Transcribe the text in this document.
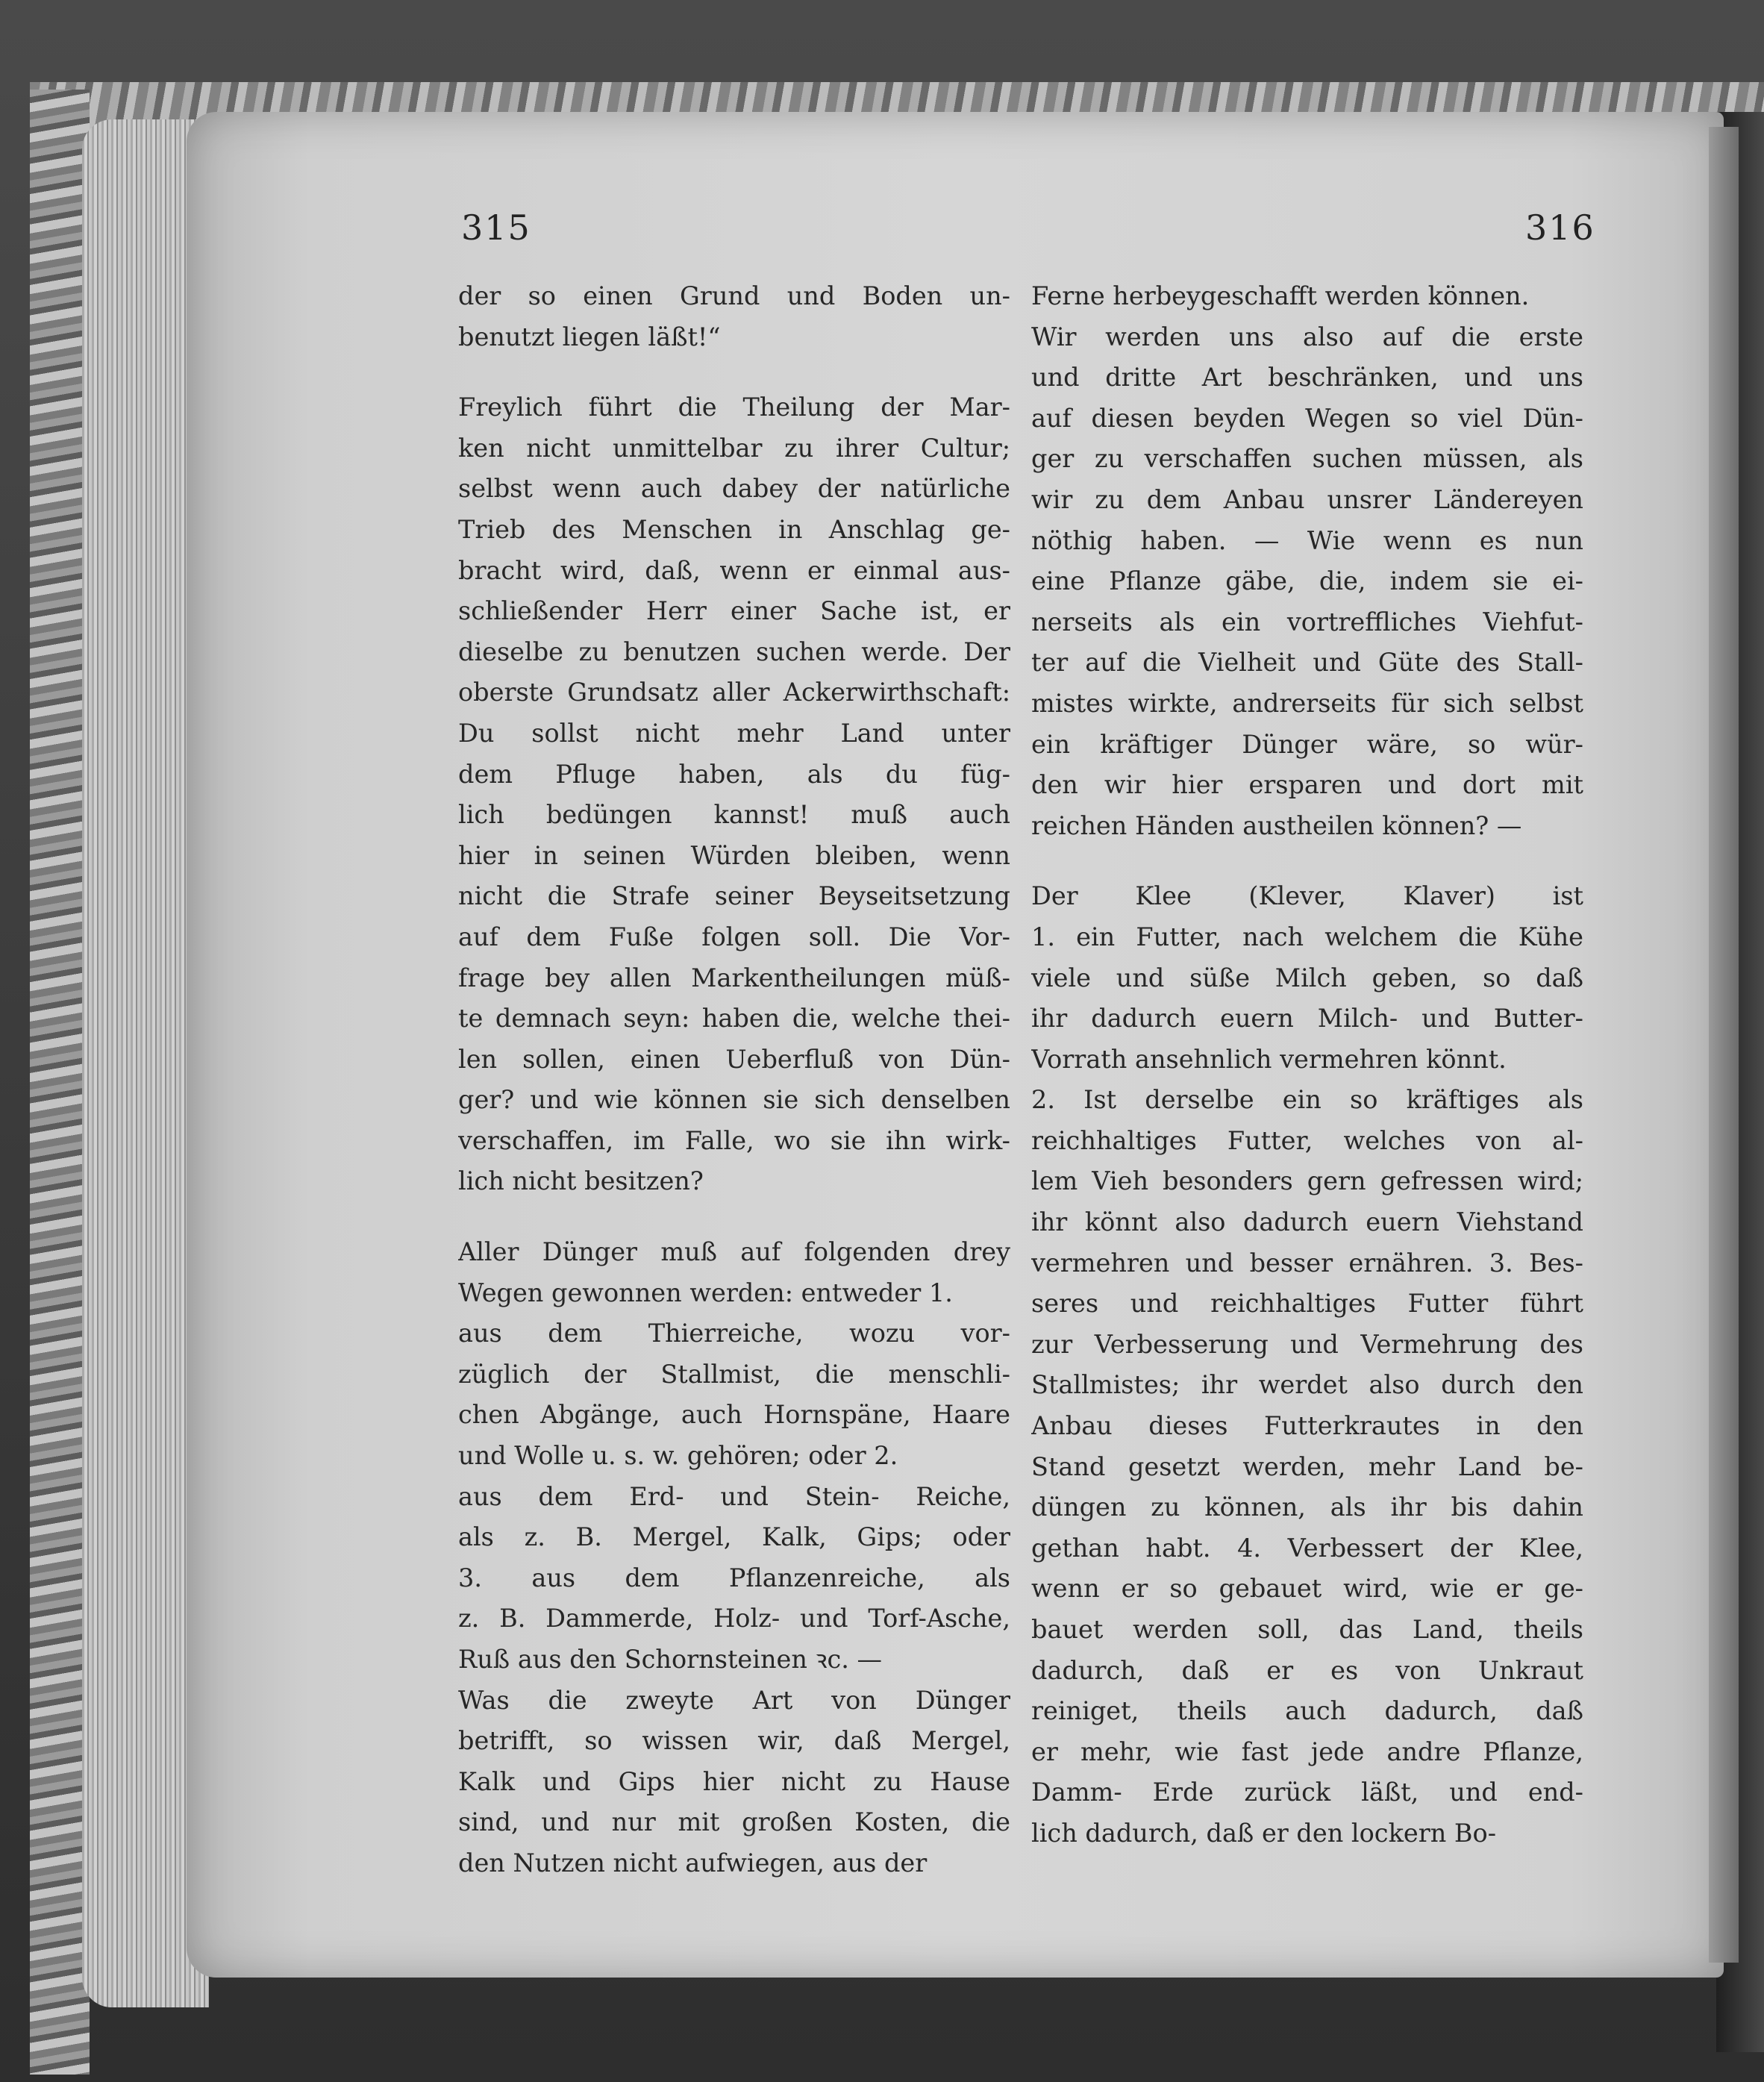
315	316
der so einen Grund und Boden un-
benutzt liegen läßt!“
Freylich führt die Theilung der Mar-
ken nicht unmittelbar zu ihrer Cultur;
selbst wenn auch dabey der natürliche
Trieb des Menschen in Anschlag ge-
bracht wird, daß, wenn er einmal aus-
schließender Herr einer Sache ist, er
dieselbe zu benutzen suchen werde. Der
oberste Grundsatz aller Ackerwirthschaft:
Du sollst nicht mehr Land unter
dem Pfluge haben, als du füg-
lich bedüngen kannst! muß auch
hier in seinen Würden bleiben, wenn
nicht die Strafe seiner Beyseitsetzung
auf dem Fuße folgen soll. Die Vor-
frage bey allen Markentheilungen müß-
te demnach seyn: haben die, welche thei-
len sollen, einen Ueberfluß von Dün-
ger? und wie können sie sich denselben
verschaffen, im Falle, wo sie ihn wirk-
lich nicht besitzen?
Aller Dünger muß auf folgenden drey
Wegen gewonnen werden: entweder 1.
aus dem Thierreiche, wozu vor-
züglich der Stallmist, die menschli-
chen Abgänge, auch Hornspäne, Haare
und Wolle u. s. w. gehören; oder 2.
aus dem Erd- und Stein- Reiche,
als z. B. Mergel, Kalk, Gips; oder
3. aus dem Pflanzenreiche, als
z. B. Dammerde, Holz- und Torf-Asche,
Ruß aus den Schornsteinen ꝛc. —
Was die zweyte Art von Dünger
betrifft, so wissen wir, daß Mergel,
Kalk und Gips hier nicht zu Hause
sind, und nur mit großen Kosten, die
den Nutzen nicht aufwiegen, aus der
Ferne herbeygeschafft werden können.
Wir werden uns also auf die erste
und dritte Art beschränken, und uns
auf diesen beyden Wegen so viel Dün-
ger zu verschaffen suchen müssen, als
wir zu dem Anbau unsrer Ländereyen
nöthig haben. — Wie wenn es nun
eine Pflanze gäbe, die, indem sie ei-
nerseits als ein vortreffliches Viehfut-
ter auf die Vielheit und Güte des Stall-
mistes wirkte, andrerseits für sich selbst
ein kräftiger Dünger wäre, so wür-
den wir hier ersparen und dort mit
reichen Händen austheilen können? —
Der Klee (Klever, Klaver) ist
1. ein Futter, nach welchem die Kühe
viele und süße Milch geben, so daß
ihr dadurch euern Milch- und Butter-
Vorrath ansehnlich vermehren könnt.
2. Ist derselbe ein so kräftiges als
reichhaltiges Futter, welches von al-
lem Vieh besonders gern gefressen wird;
ihr könnt also dadurch euern Viehstand
vermehren und besser ernähren. 3. Bes-
seres und reichhaltiges Futter führt
zur Verbesserung und Vermehrung des
Stallmistes; ihr werdet also durch den
Anbau dieses Futterkrautes in den
Stand gesetzt werden, mehr Land be-
düngen zu können, als ihr bis dahin
gethan habt. 4. Verbessert der Klee,
wenn er so gebauet wird, wie er ge-
bauet werden soll, das Land, theils
dadurch, daß er es von Unkraut
reiniget, theils auch dadurch, daß
er mehr, wie fast jede andre Pflanze,
Damm- Erde zurück läßt, und end-
lich dadurch, daß er den lockern Bo-
